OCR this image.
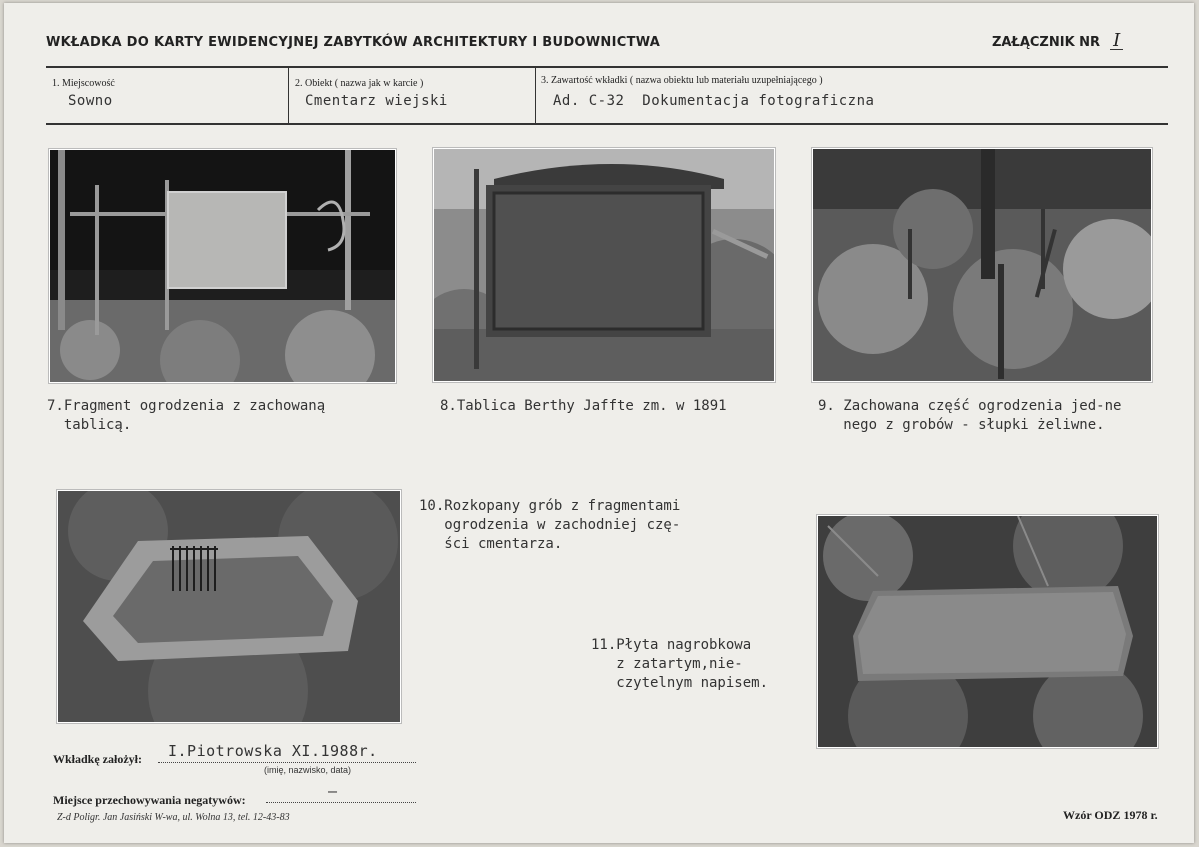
WKŁADKA DO KARTY EWIDENCYJNEJ ZABYTKÓW ARCHITEKTURY I BUDOWNICTWA	ZAŁĄCZNIK NR I
1. Miejscowość
Sowno
2. Obiekt ( nazwa jak w karcie )
Cmentarz wiejski
3. Zawartość wkładki ( nazwa obiektu lub materiału uzupełniającego )
Ad. C-32  Dokumentacja fotograficzna
7.Fragment ogrodzenia z zachowaną
tablicą.
8.Tablica Berthy Jaffte zm. w 1891	9. Zachowana część ogrodzenia jed-ne
nego z grobów - słupki żeliwne.
10.Rozkopany grób z fragmentami
ogrodzenia w zachodniej czę-
ści cmentarza.
11.Płyta nagrobkowa
z zatartym,nie-
czytelnym napisem.
Wkładkę założył: I.Piotrowska XI.1988r.
(imię, nazwisko, data)
Miejsce przechowywania negatywów:	–
Z-d Poligr. Jan Jasiński W-wa, ul. Wolna 13, tel. 12-43-83	Wzór ODZ 1978 r.
